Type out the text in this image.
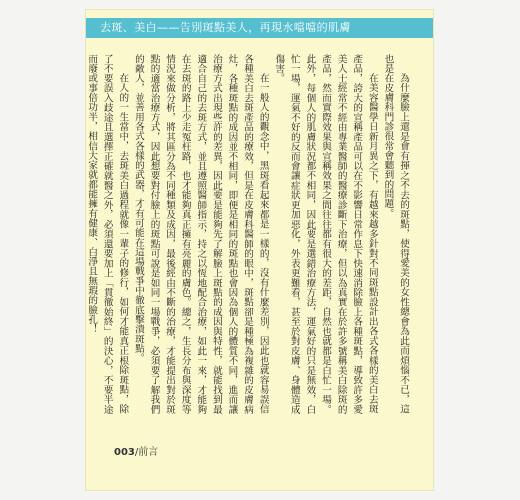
去斑、美白——告別斑點美人，再現水噹噹的肌膚

為什麼臉上還是會有揮之不去的斑點，使得愛美的女性總會為此而煩惱不已，這也是在皮膚科門診很常會聽到的問題。

在美容醫學日新月異之下，有越來越多針對不同斑點設計出各式各樣的美白去斑產品，誇大的宣稱產品可以在不影響日常作息下快速消除臉上各種斑點，導致許多愛美人士經常不經由專業醫師的醫療診斷下治療，但以為真實在於許多號稱美白除斑的產品，然而實際效果與宣稱效果之間往往都有很大的差距，自然也就都是白忙一場。此外，每個人的肌膚狀況都不相同，因此要是選錯治療方法，運氣好的只是無效，白忙一場，運氣不好的反而會讓症狀更加惡化，外表更難看，甚至於對皮膚、身體造成傷害。

在一般人的觀念中，黑斑看起來都是一樣的，沒有什麼差別，因此也就容易誤信各種美白去斑產品的療效，但是在皮膚科醫師的眼中，斑點卻是種極為複雜的皮膚病灶，各種斑點的成因並不相同，即便是相同的斑點也會因為個人的體質不同，進而讓治療方式出現些許的差異，因此要是能夠先了解臉上斑點的成因與特性，就能找到最適合自己的去斑方式，並且遵照醫師指示，持之以恆地配合治療，如此一來，才能夠在去斑的路上少走冤枉路，也才能夠真正擁有亮麗的膚色。總之，生長分布與深度等情況來做分析，將其區分為不同種類及成因，最後經由不斷的治療，才能提出對於斑點的適當治療方式，因此想要對付臉上的斑點可說是如同一場戰爭，必須要了解我們的敵人，並善用各式各樣的武器，才有可能在這場戰爭中徹底擊潰斑點。

在人的一生當中，去斑美白過程就像一輩子的修行，如何才能真正根除斑點，除了不要誤入歧途且選擇正確就醫之外，必須還要加上「貫徹始終」的決心，不要半途而廢或事倍功半，相信大家就都能擁有健康、白淨且無瑕的臉孔！

003/前言
